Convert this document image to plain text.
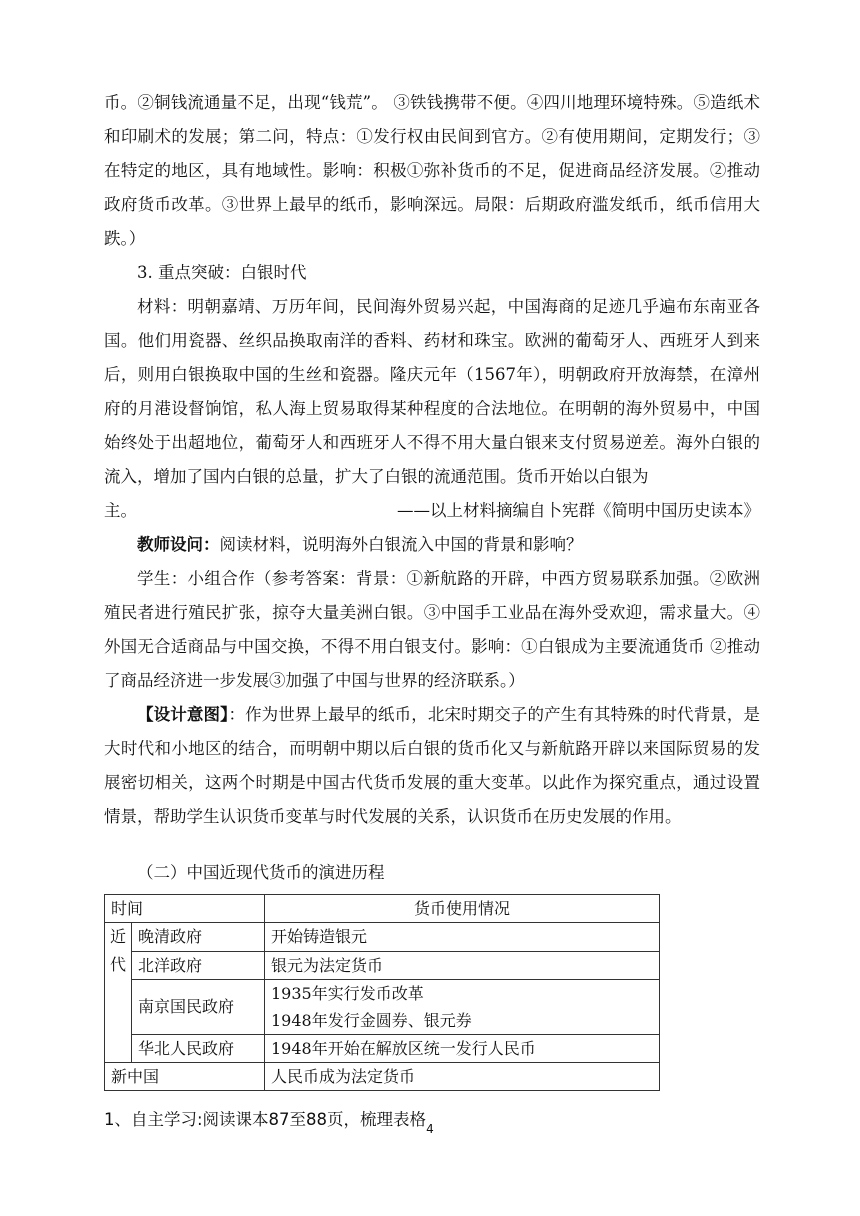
币。②铜钱流通量不足，出现“钱荒”。 ③铁钱携带不便。④四川地理环境特殊。⑤造纸术和印刷术的发展；第二问，特点：①发行权由民间到官方。②有使用期间，定期发行；③在特定的地区，具有地域性。影响：积极①弥补货币的不足，促进商品经济发展。②推动政府货币改革。③世界上最早的纸币，影响深远。局限：后期政府滥发纸币，纸币信用大跌。）

3. 重点突破：白银时代

材料：明朝嘉靖、万历年间，民间海外贸易兴起，中国海商的足迹几乎遍布东南亚各国。他们用瓷器、丝织品换取南洋的香料、药材和珠宝。欧洲的葡萄牙人、西班牙人到来后，则用白银换取中国的生丝和瓷器。隆庆元年（1567年），明朝政府开放海禁，在漳州府的月港设督饷馆，私人海上贸易取得某种程度的合法地位。在明朝的海外贸易中，中国始终处于出超地位，葡萄牙人和西班牙人不得不用大量白银来支付贸易逆差。海外白银的流入，增加了国内白银的总量，扩大了白银的流通范围。货币开始以白银为

主。	——以上材料摘编自卜宪群《简明中国历史读本》

教师设问：阅读材料，说明海外白银流入中国的背景和影响？

学生：小组合作（参考答案：背景：①新航路的开辟，中西方贸易联系加强。②欧洲殖民者进行殖民扩张，掠夺大量美洲白银。③中国手工业品在海外受欢迎，需求量大。④外国无合适商品与中国交换，不得不用白银支付。影响：①白银成为主要流通货币 ②推动了商品经济进一步发展③加强了中国与世界的经济联系。）

【设计意图】：作为世界上最早的纸币，北宋时期交子的产生有其特殊的时代背景，是大时代和小地区的结合，而明朝中期以后白银的货币化又与新航路开辟以来国际贸易的发展密切相关，这两个时期是中国古代货币发展的重大变革。以此作为探究重点，通过设置情景，帮助学生认识货币变革与时代发展的关系，认识货币在历史发展的作用。

（二）中国近现代货币的演进历程

时间		货币使用情况
近	晚清政府	开始铸造银元
代	北洋政府	银元为法定货币
	南京国民政府	1935年实行发币改革
1948年发行金圆券、银元券

	华北人民政府	1948年开始在解放区统一发行人民币
新中国		人民币成为法定货币

1、自主学习:阅读课本87至88页，梳理表格

4
